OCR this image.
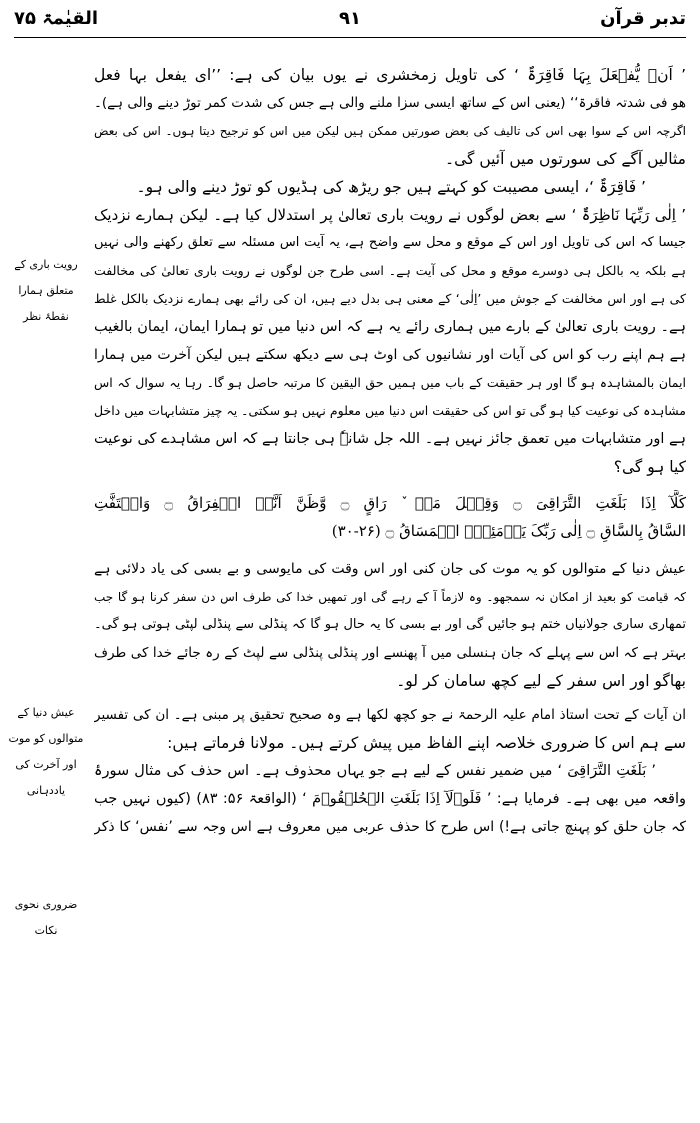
تدبر قرآن
۹۱
القیٰمۃ ۷۵
رویت باری کے
متعلق ہمارا
نقطۂ نظر
عیش دنیا کے
متوالوں کو موت
اور آخرت کی
یاددہانی
ضروری نحوی
نکات
’ اَنۡ یُّفۡعَلَ بِہَا فَاقِرَۃٌ ‘ کی تاویل زمخشری نے یوں بیان کی ہے: ’’ای یفعل بہا فعل
ھو فی شدتہ فاقرۃ‘‘ (یعنی اس کے ساتھ ایسی سزا ملنے والی ہے جس کی شدت کمر توڑ دینے والی ہے)۔
اگرچہ اس کے سوا بھی اس کی تالیف کی بعض صورتیں ممکن ہیں لیکن میں اس کو ترجیح دیتا ہوں۔ اس کی بعض
مثالیں آگے کی سورتوں میں آئیں گی۔
’ فَاقِرَۃٌ ‘، ایسی مصیبت کو کہتے ہیں جو ریڑھ کی ہڈیوں کو توڑ دینے والی ہو۔
’ اِلٰی رَبِّہَا نَاظِرَۃٌ ‘ سے بعض لوگوں نے رویت باری تعالیٰ پر استدلال کیا ہے۔ لیکن ہمارے نزدیک
جیسا کہ اس کی تاویل اور اس کے موقع و محل سے واضح ہے، یہ آیت اس مسئلہ سے تعلق رکھنے والی نہیں
ہے بلکہ یہ بالکل ہی دوسرے موقع و محل کی آیت ہے۔ اسی طرح جن لوگوں نے رویت باری تعالیٰ کی مخالفت
کی ہے اور اس مخالفت کے جوش میں ’اِلٰی‘ کے معنی ہی بدل دیے ہیں، ان کی رائے بھی ہمارے نزدیک بالکل غلط
ہے۔ رویت باری تعالیٰ کے بارے میں ہماری رائے یہ ہے کہ اس دنیا میں تو ہمارا ایمان، ایمان بالغیب
ہے ہم اپنے رب کو اس کی آیات اور نشانیوں کی اوٹ ہی سے دیکھ سکتے ہیں لیکن آخرت میں ہمارا
ایمان بالمشاہدہ ہو گا اور ہر حقیقت کے باب میں ہمیں حق الیقین کا مرتبہ حاصل ہو گا۔ رہا یہ سوال کہ اس
مشاہدہ کی نوعیت کیا ہو گی تو اس کی حقیقت اس دنیا میں معلوم نہیں ہو سکتی۔ یہ چیز متشابہات میں داخل
ہے اور متشابہات میں تعمق جائز نہیں ہے۔ اللہ جل شانہٗ ہی جانتا ہے کہ اس مشاہدے کی نوعیت
کیا ہو گی؟
کَلَّآ اِذَا بَلَغَتِ التَّرَاقِیَ ۝ وَقِیۡلَ مَنۡ ٚ رَاقٍ ۝ وَّظَنَّ اَنَّہُ الۡفِرَاقُ ۝ وَالۡتَفَّتِ
السَّاقُ بِالسَّاقِ ۝ اِلٰی رَبِّکَ یَوۡمَئِذِۣ الۡمَسَاقُ ۝ (۲۶-۳۰)
عیش دنیا کے متوالوں کو یہ موت کی جان کنی اور اس وقت کی مایوسی و بے بسی کی یاد دلائی ہے
کہ قیامت کو بعید از امکان نہ سمجھو۔ وہ لازماً آ کے رہے گی اور تمھیں خدا کی طرف اس دن سفر کرنا ہو گا جب
تمھاری ساری جولانیاں ختم ہو جائیں گی اور بے بسی کا یہ حال ہو گا کہ پنڈلی سے پنڈلی لپٹی ہوتی ہو گی۔
بہتر ہے کہ اس سے پہلے کہ جان ہنسلی میں آ پھنسے اور پنڈلی پنڈلی سے لپٹ کے رہ جائے خدا کی طرف
بھاگو اور اس سفر کے لیے کچھ سامان کر لو۔
ان آیات کے تحت استاذ امام علیہ الرحمۃ نے جو کچھ لکھا ہے وہ صحیح تحقیق پر مبنی ہے۔ ان کی تفسیر
سے ہم اس کا ضروری خلاصہ اپنے الفاظ میں پیش کرتے ہیں۔ مولانا فرماتے ہیں:
’ بَلَغَتِ التَّرَاقِیَ ‘ میں ضمیر نفس کے لیے ہے جو یہاں محذوف ہے۔ اس حذف کی مثال سورۂ
واقعہ میں بھی ہے۔ فرمایا ہے: ’ فَلَوۡلَآ اِذَا بَلَغَتِ الۡحُلۡقُوۡمَ ‘ (الواقعۃ ۵۶: ۸۳) (کیوں نہیں جب
کہ جان حلق کو پہنچ جاتی ہے!) اس طرح کا حذف عربی میں معروف ہے اس وجہ سے ’نفس‘ کا ذکر
